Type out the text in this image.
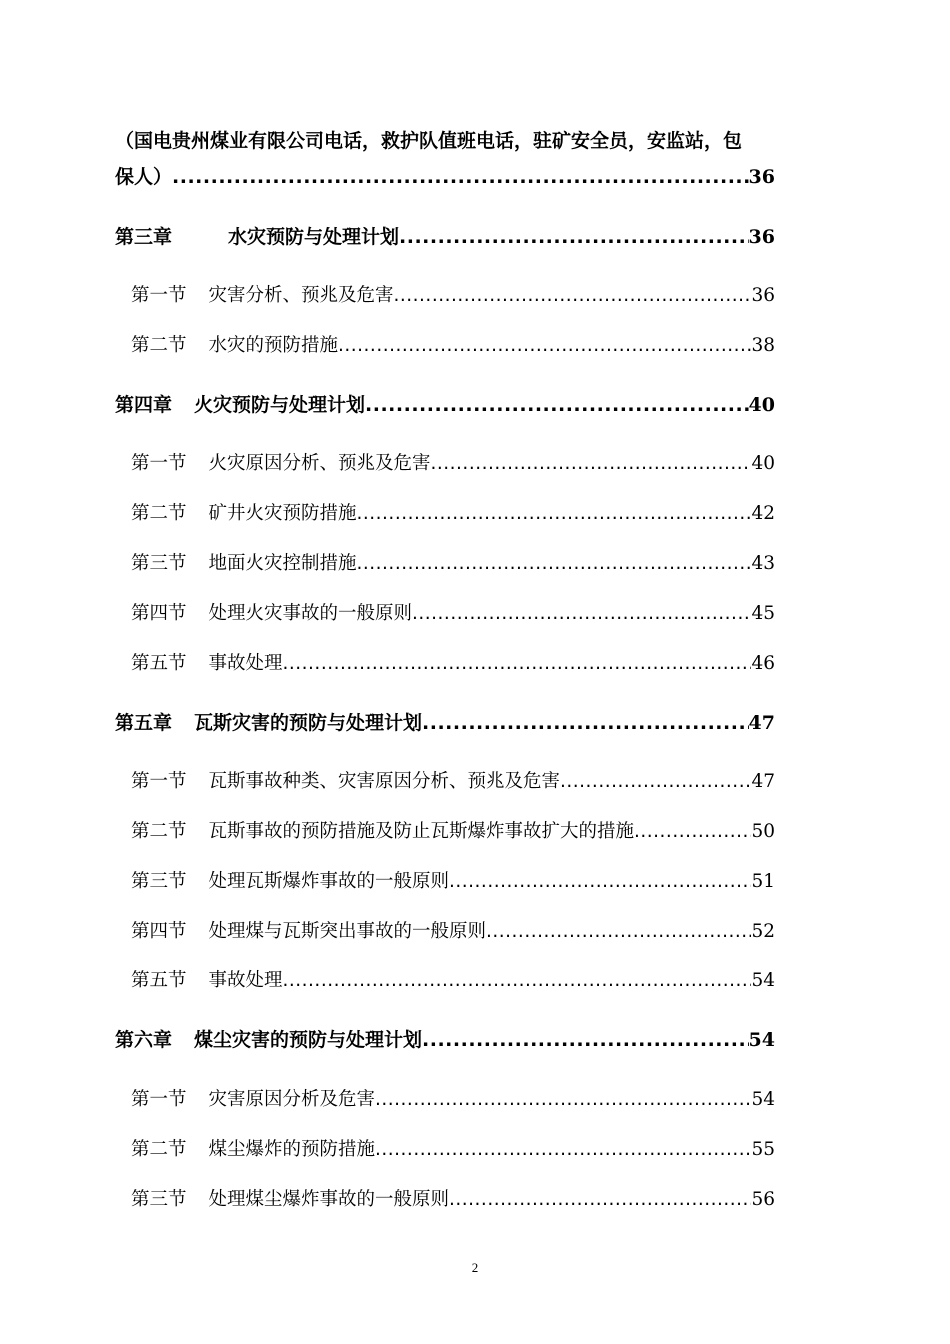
（国电贵州煤业有限公司电话，救护队值班电话，驻矿安全员，安监站，包
保人） .....	36
第三章	水灾预防与处理计划 .....	36
第一节 灾害分析、预兆及危害 .....	36
第二节 水灾的预防措施 .....	38
第四章 火灾预防与处理计划 .....	40
第一节 火灾原因分析、预兆及危害 .....	40
第二节 矿井火灾预防措施 .....	42
第三节 地面火灾控制措施 .....	43
第四节 处理火灾事故的一般原则 .....	45
第五节 事故处理 .....	46
第五章 瓦斯灾害的预防与处理计划 .....	47
第一节 瓦斯事故种类、灾害原因分析、预兆及危害 .....	47
第二节 瓦斯事故的预防措施及防止瓦斯爆炸事故扩大的措施 .....	50
第三节 处理瓦斯爆炸事故的一般原则 .....	51
第四节 处理煤与瓦斯突出事故的一般原则 .....	52
第五节 事故处理 .....	54
第六章 煤尘灾害的预防与处理计划 .....	54
第一节 灾害原因分析及危害 .....	54
第二节 煤尘爆炸的预防措施 .....	55
第三节 处理煤尘爆炸事故的一般原则 .....	56
2
